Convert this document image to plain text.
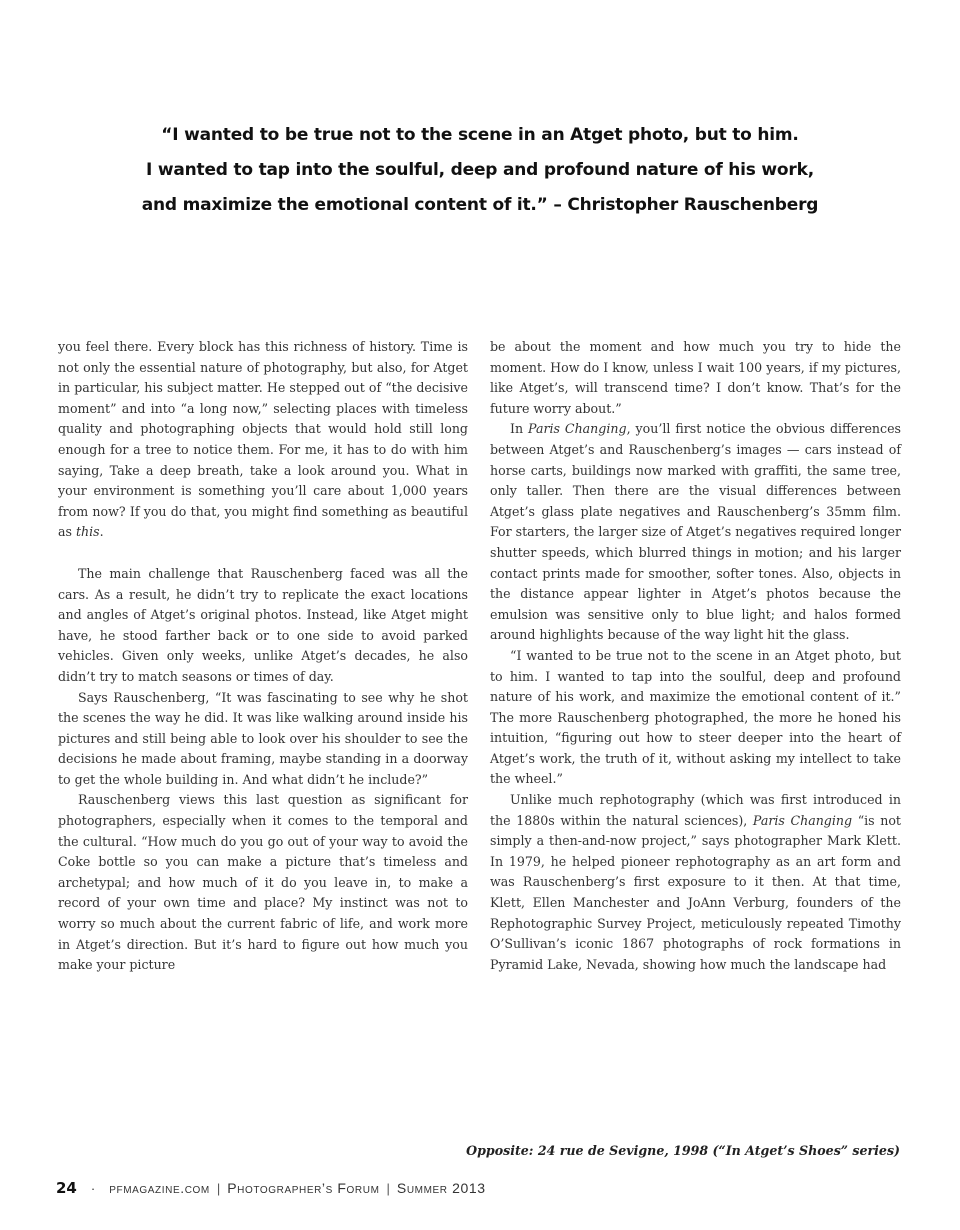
“I wanted to be true not to the scene in an Atget photo, but to him.
I wanted to tap into the soulful, deep and profound nature of his work,
and maximize the emotional content of it.” – Christopher Rauschenberg

you feel there. Every block has this richness of history. Time is not only the essential nature of photography, but also, for Atget in particular, his subject matter. He stepped out of “the decisive moment” and into “a long now,” selecting places with timeless quality and photographing objects that would hold still long enough for a tree to notice them. For me, it has to do with him saying, Take a deep breath, take a look around you. What in your environment is something you’ll care about 1,000 years from now? If you do that, you might find something as beautiful as this.

The main challenge that Rauschenberg faced was all the cars. As a result, he didn’t try to replicate the exact locations and angles of Atget’s original photos. Instead, like Atget might have, he stood farther back or to one side to avoid parked vehicles. Given only weeks, unlike Atget’s decades, he also didn’t try to match seasons or times of day.

Says Rauschenberg, “It was fascinating to see why he shot the scenes the way he did. It was like walking around inside his pictures and still being able to look over his shoulder to see the decisions he made about framing, maybe standing in a doorway to get the whole building in. And what didn’t he include?”

Rauschenberg views this last question as significant for photographers, especially when it comes to the temporal and the cultural. “How much do you go out of your way to avoid the Coke bottle so you can make a picture that’s timeless and archetypal; and how much of it do you leave in, to make a record of your own time and place? My instinct was not to worry so much about the current fabric of life, and work more in Atget’s direction. But it’s hard to figure out how much you make your picture

be about the moment and how much you try to hide the moment. How do I know, unless I wait 100 years, if my pictures, like Atget’s, will transcend time? I don’t know. That’s for the future worry about.”

In Paris Changing, you’ll first notice the obvious differences between Atget’s and Rauschenberg’s images — cars instead of horse carts, buildings now marked with graffiti, the same tree, only taller. Then there are the visual differences between Atget’s glass plate negatives and Rauschenberg’s 35mm film. For starters, the larger size of Atget’s negatives required longer shutter speeds, which blurred things in motion; and his larger contact prints made for smoother, softer tones. Also, objects in the distance appear lighter in Atget’s photos because the emulsion was sensitive only to blue light; and halos formed around highlights because of the way light hit the glass.

“I wanted to be true not to the scene in an Atget photo, but to him. I wanted to tap into the soulful, deep and profound nature of his work, and maximize the emotional content of it.” The more Rauschenberg photographed, the more he honed his intuition, “figuring out how to steer deeper into the heart of Atget’s work, the truth of it, without asking my intellect to take the wheel.”

Unlike much rephotography (which was first introduced in the 1880s within the natural sciences), Paris Changing “is not simply a then-and-now project,” says photographer Mark Klett. In 1979, he helped pioneer rephotography as an art form and was Rauschenberg’s first exposure to it then. At that time, Klett, Ellen Manchester and JoAnn Verburg, founders of the Rephotographic Survey Project, meticulously repeated Timothy O’Sullivan’s iconic 1867 photographs of rock formations in Pyramid Lake, Nevada, showing how much the landscape had

Opposite: 24 rue de Sevigne, 1998 (“In Atget’s Shoes” series)
24 · pfmagazine.com | Photographer’s Forum | Summer 2013
